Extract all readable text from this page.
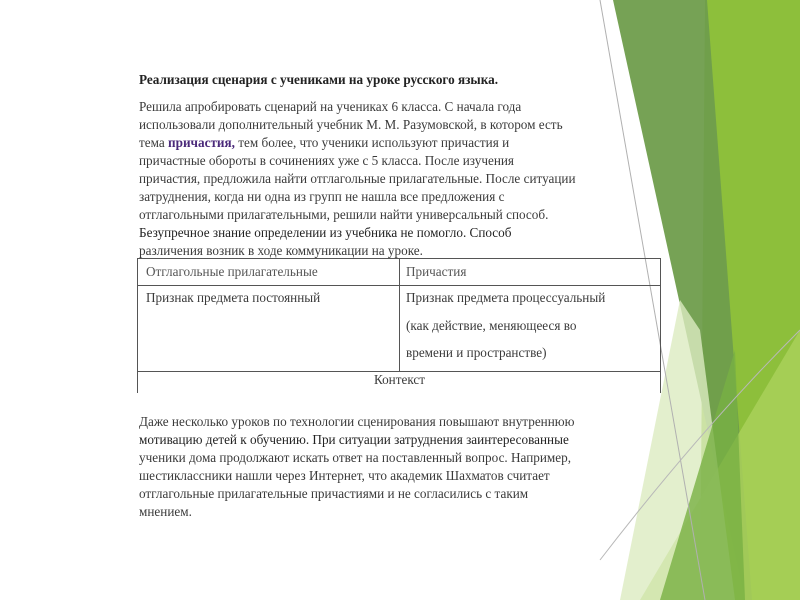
Реализация сценария с учениками на уроке русского языка.
Решила апробировать сценарий на учениках 6 класса. С начала года
использовали дополнительный учебник М. М. Разумовской, в котором есть
тема причастия, тем более, что ученики используют причастия и
причастные обороты в сочинениях уже с 5 класса. После изучения
причастия, предложила найти отглагольные прилагательные. После ситуации
затруднения, когда ни одна из групп не нашла все предложения с
отглагольными прилагательными, решили найти универсальный способ.
Безупречное знание определении из учебника не помогло. Способ
различения возник в ходе коммуникации на уроке.
Отглагольные прилагательные	Причастия
Признак предмета постоянный	Признак предмета процессуальный
(как действие, меняющееся во
времени и пространстве)
Контекст
Даже несколько уроков по технологии сценирования повышают внутреннюю
мотивацию детей к обучению. При ситуации затруднения заинтересованные
ученики дома продолжают искать ответ на поставленный вопрос. Например,
шестиклассники нашли через Интернет, что академик Шахматов считает
отглагольные прилагательные причастиями и не согласились с таким
мнением.
